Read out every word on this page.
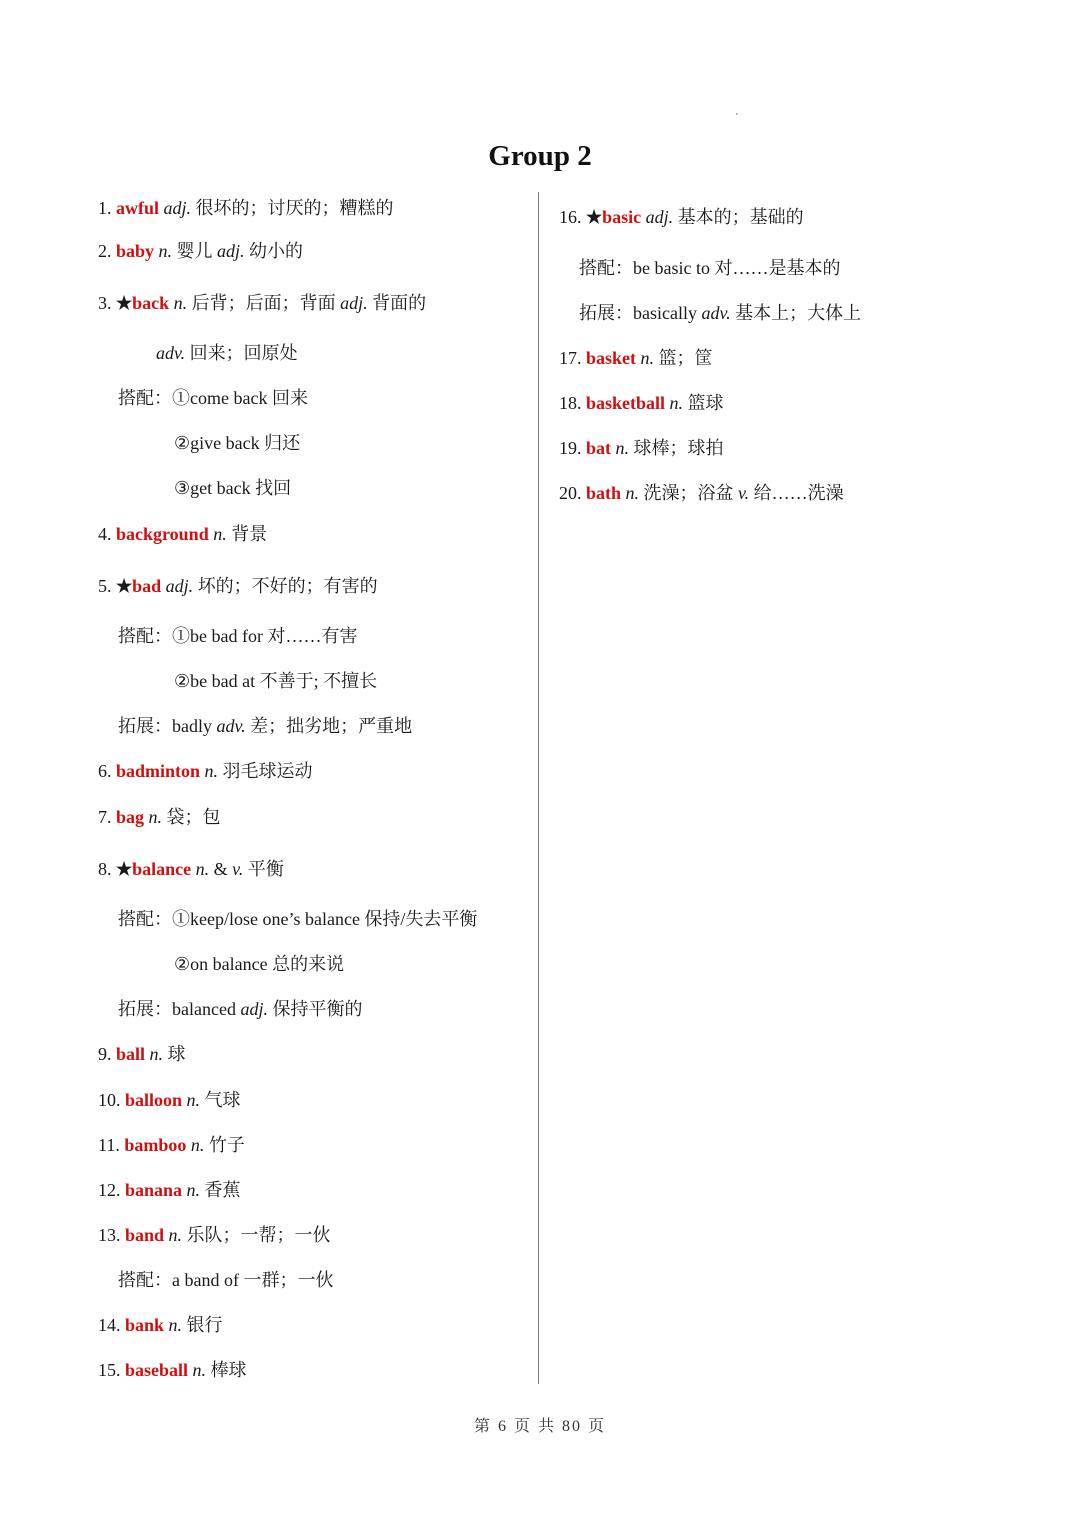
Group 2
1. awful adj. 很坏的；讨厌的；糟糕的
2. baby n. 婴儿 adj. 幼小的
3. ★back n. 后背；后面；背面 adj. 背面的
adv. 回来；回原处
搭配：①come back 回来
②give back 归还
③get back 找回
4. background n. 背景
5. ★bad adj. 坏的；不好的；有害的
搭配：①be bad for 对……有害
②be bad at 不善于; 不擅长
拓展：badly adv. 差；拙劣地；严重地
6. badminton n. 羽毛球运动
7. bag n. 袋；包
8. ★balance n. & v. 平衡
搭配：①keep/lose one’s balance 保持/失去平衡
②on balance 总的来说
拓展：balanced adj. 保持平衡的
9. ball n. 球
10. balloon n. 气球
11. bamboo n. 竹子
12. banana n. 香蕉
13. band n. 乐队；一帮；一伙
搭配：a band of 一群；一伙
14. bank n. 银行
15. baseball n. 棒球
16. ★basic adj. 基本的；基础的
搭配：be basic to 对……是基本的
拓展：basically adv. 基本上；大体上
17. basket n. 篮；筐
18. basketball n. 篮球
19. bat n. 球棒；球拍
20. bath n. 洗澡；浴盆 v. 给……洗澡
第 6 页 共 80 页
